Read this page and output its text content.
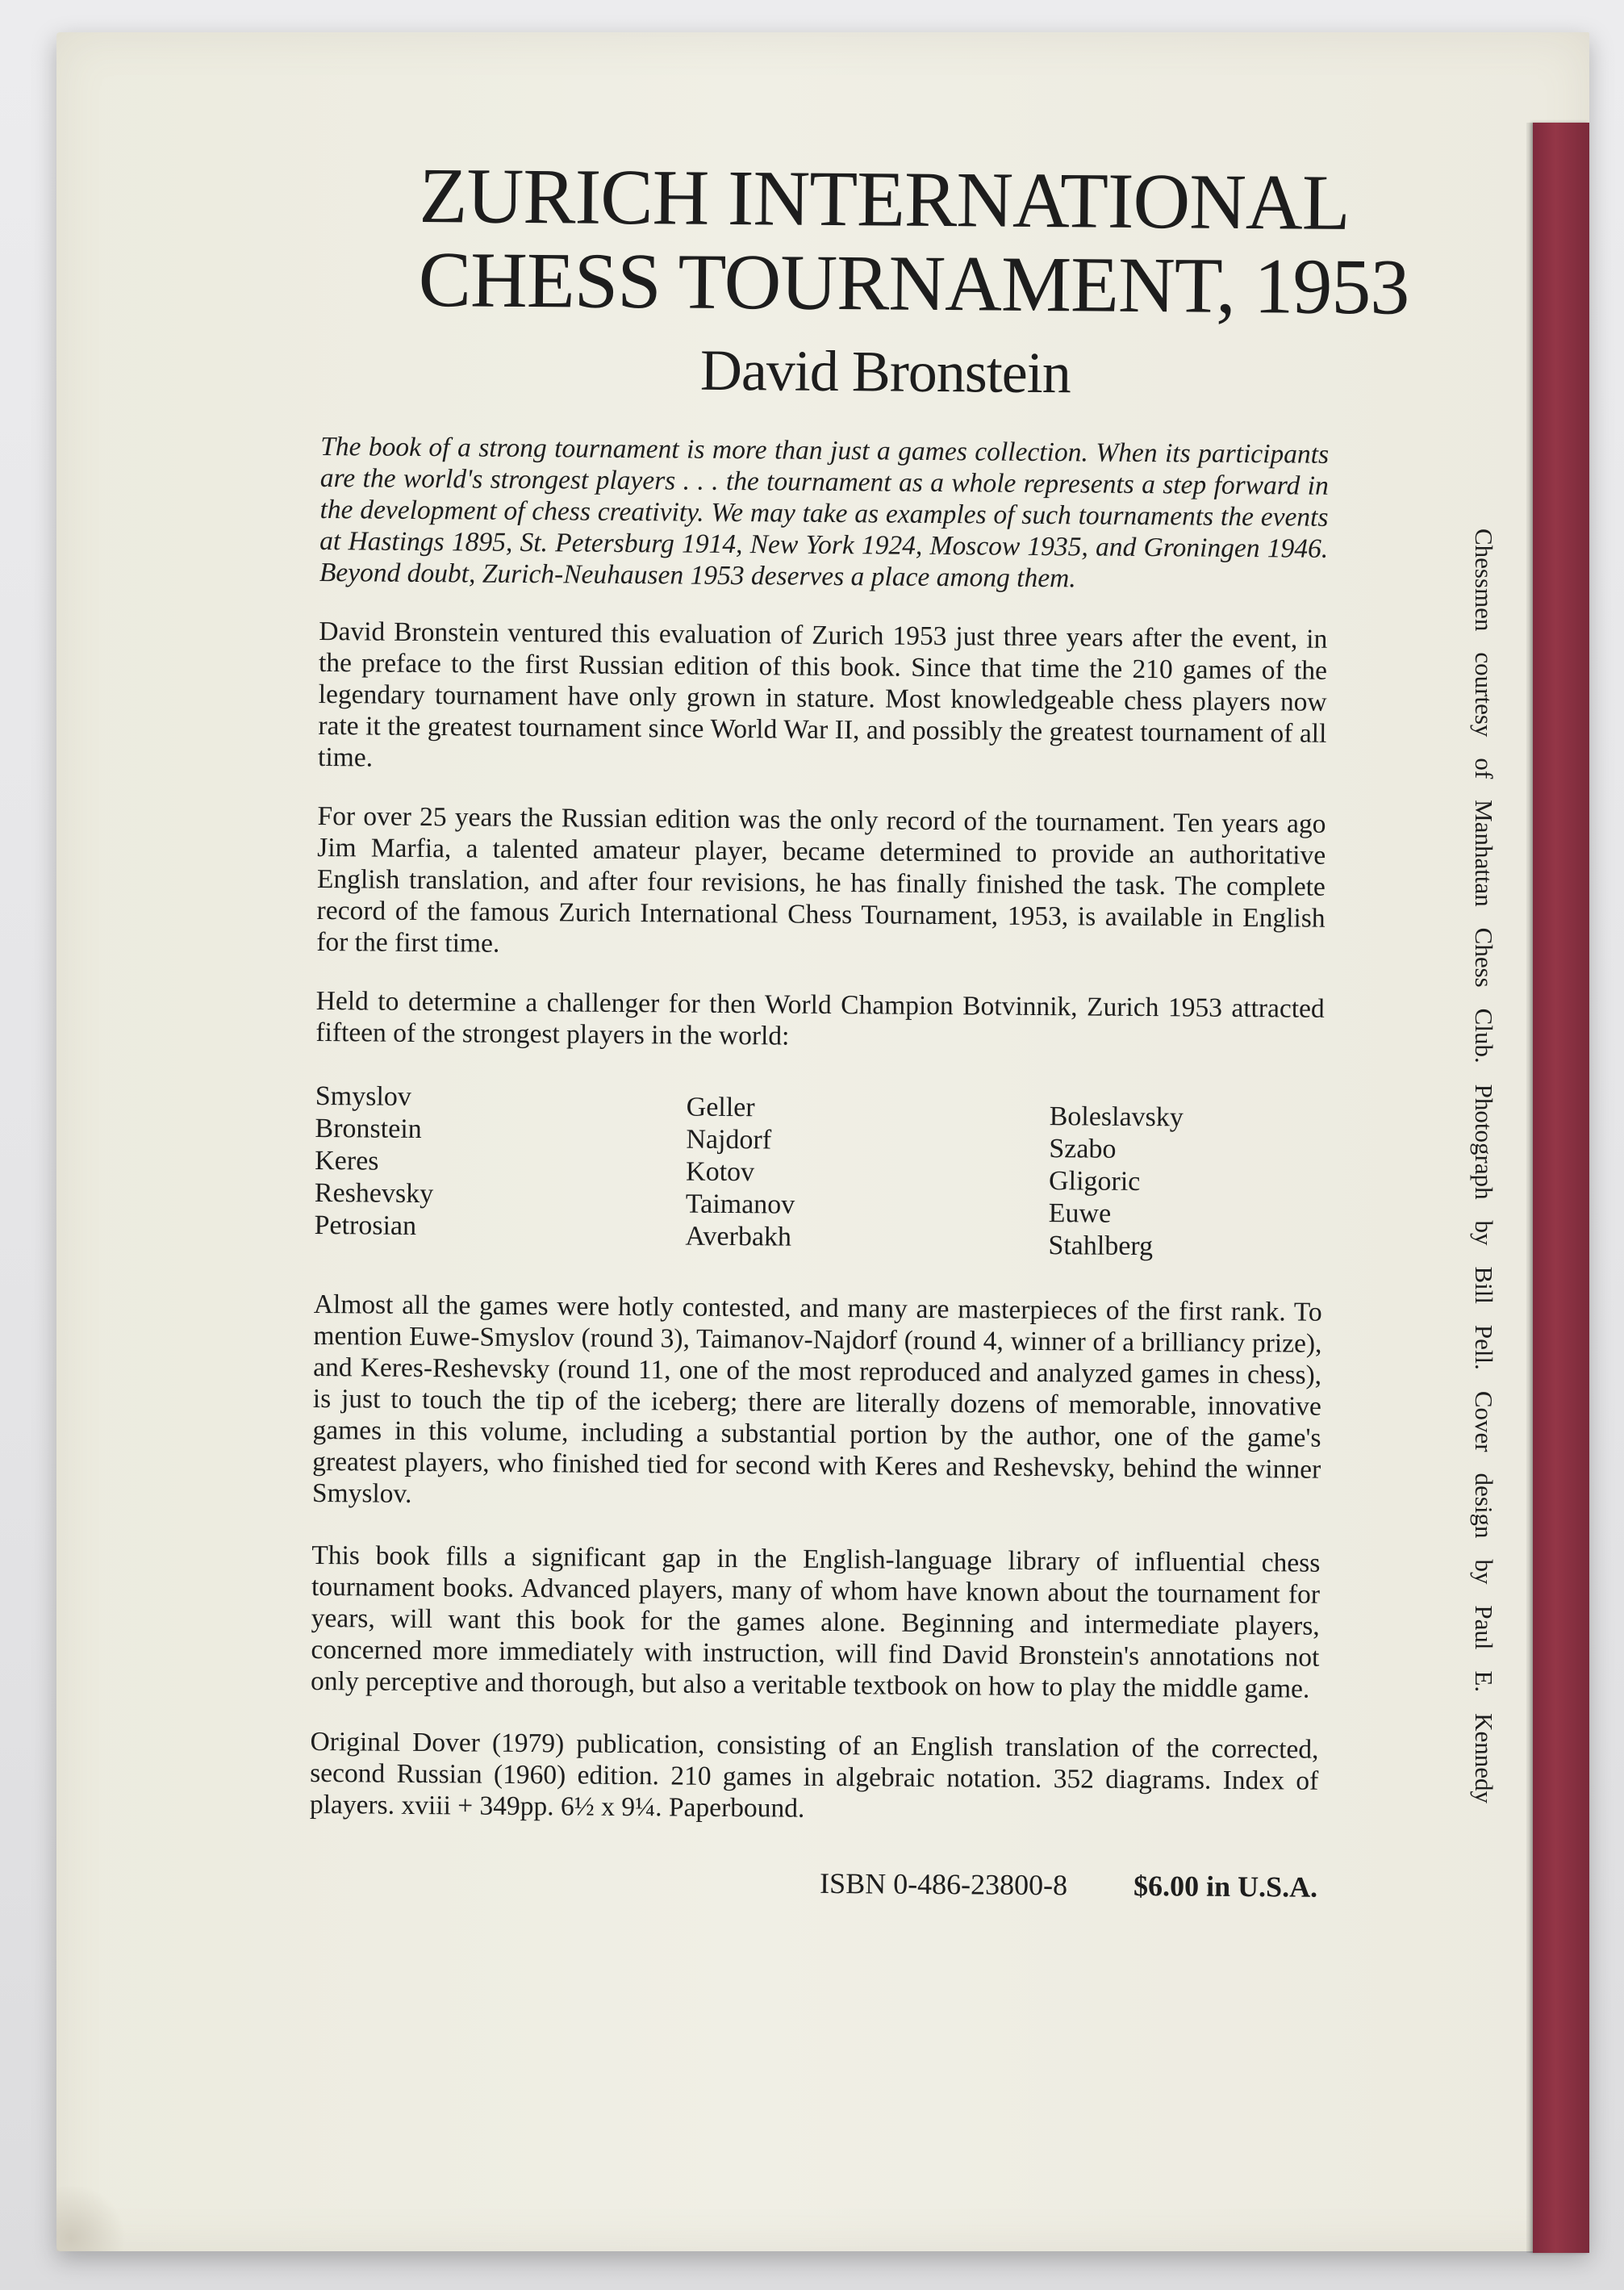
ZURICH INTERNATIONAL
CHESS TOURNAMENT, 1953
David Bronstein

The book of a strong tournament is more than just a games collection. When its participants are the world's strongest players . . . the tournament as a whole represents a step forward in the development of chess creativity. We may take as examples of such tournaments the events at Hastings 1895, St. Petersburg 1914, New York 1924, Moscow 1935, and Groningen 1946. Beyond doubt, Zurich-Neuhausen 1953 deserves a place among them.

David Bronstein ventured this evaluation of Zurich 1953 just three years after the event, in the preface to the first Russian edition of this book. Since that time the 210 games of the legendary tournament have only grown in stature. Most knowledgeable chess players now rate it the greatest tournament since World War II, and possibly the greatest tournament of all time.

For over 25 years the Russian edition was the only record of the tournament. Ten years ago Jim Marfia, a talented amateur player, became determined to provide an authoritative English translation, and after four revisions, he has finally finished the task. The complete record of the famous Zurich International Chess Tournament, 1953, is available in English for the first time.

Held to determine a challenger for then World Champion Botvinnik, Zurich 1953 attracted fifteen of the strongest players in the world:

Smyslov
Bronstein
Keres
Reshevsky
Petrosian
Geller
Najdorf
Kotov
Taimanov
Averbakh
Boleslavsky
Szabo
Gligoric
Euwe
Stahlberg

Almost all the games were hotly contested, and many are masterpieces of the first rank. To mention Euwe-Smyslov (round 3), Taimanov-Najdorf (round 4, winner of a brilliancy prize), and Keres-Reshevsky (round 11, one of the most reproduced and analyzed games in chess), is just to touch the tip of the iceberg; there are literally dozens of memorable, innovative games in this volume, including a substantial portion by the author, one of the game's greatest players, who finished tied for second with Keres and Reshevsky, behind the winner Smyslov.

This book fills a significant gap in the English-language library of influential chess tournament books. Advanced players, many of whom have known about the tournament for years, will want this book for the games alone. Beginning and intermediate players, concerned more immediately with instruction, will find David Bronstein's annotations not only perceptive and thorough, but also a veritable textbook on how to play the middle game.

Original Dover (1979) publication, consisting of an English translation of the corrected, second Russian (1960) edition. 210 games in algebraic notation. 352 diagrams. Index of players. xviii + 349pp. 6½ x 9¼. Paperbound.

ISBN 0-486-23800-8 $6.00 in U.S.A.
Chessmen courtesy of Manhattan Chess Club. Photograph by Bill Pell. Cover design by Paul E. Kennedy
